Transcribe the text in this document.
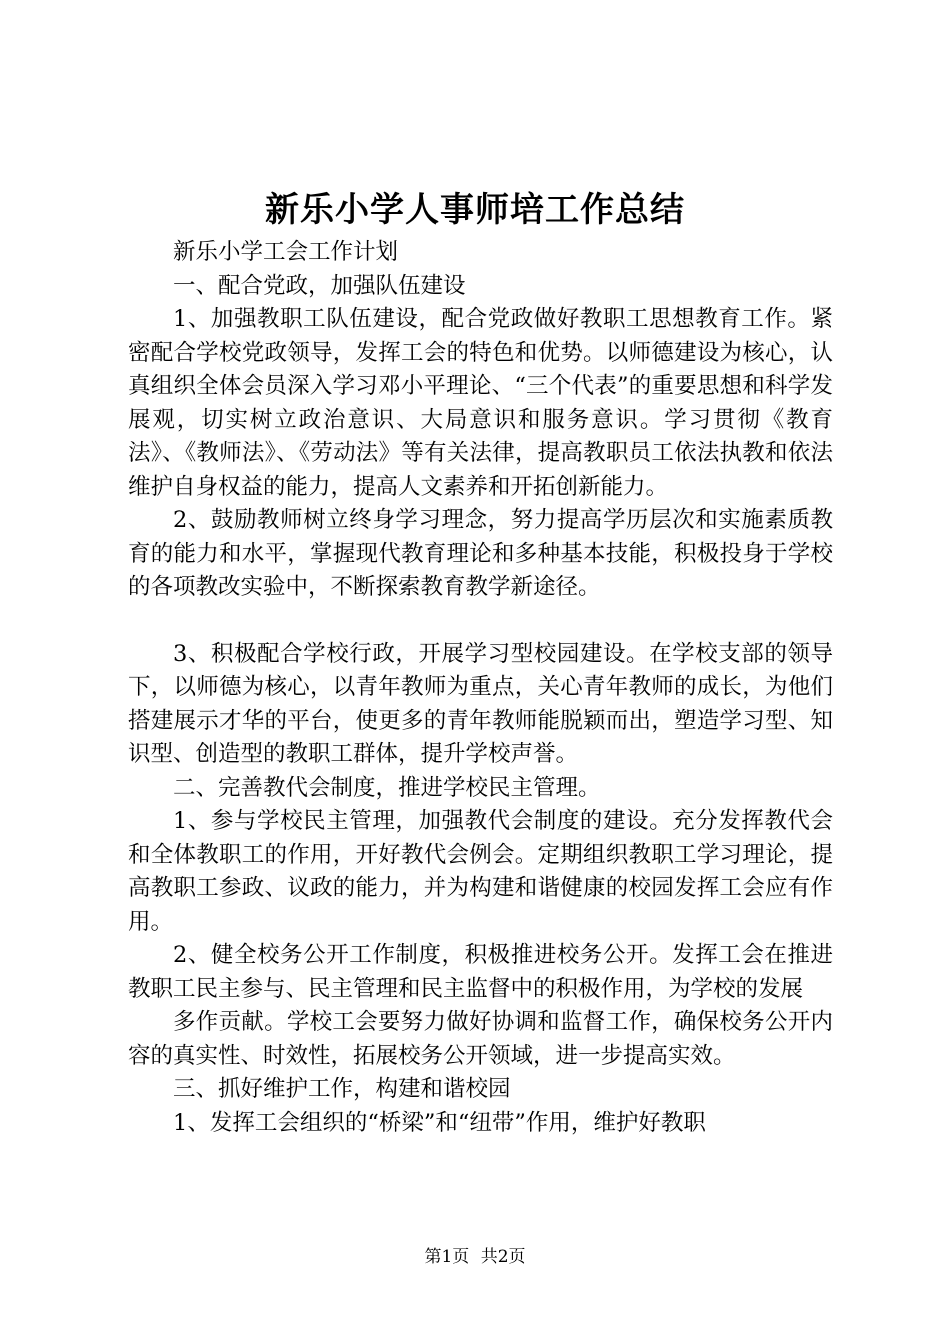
新乐小学人事师培工作总结

新乐小学工会工作计划

一、配合党政，加强队伍建设

1、加强教职工队伍建设，配合党政做好教职工思想教育工作。紧密配合学校党政领导，发挥工会的特色和优势。以师德建设为核心，认真组织全体会员深入学习邓小平理论、“三个代表”的重要思想和科学发展观，切实树立政治意识、大局意识和服务意识。学习贯彻《教育法》、《教师法》、《劳动法》等有关法律，提高教职员工依法执教和依法维护自身权益的能力，提高人文素养和开拓创新能力。

2、鼓励教师树立终身学习理念，努力提高学历层次和实施素质教育的能力和水平，掌握现代教育理论和多种基本技能，积极投身于学校的各项教改实验中，不断探索教育教学新途径。

3、积极配合学校行政，开展学习型校园建设。在学校支部的领导下，以师德为核心，以青年教师为重点，关心青年教师的成长，为他们搭建展示才华的平台，使更多的青年教师能脱颖而出，塑造学习型、知识型、创造型的教职工群体，提升学校声誉。

二、完善教代会制度，推进学校民主管理。

1、参与学校民主管理，加强教代会制度的建设。充分发挥教代会和全体教职工的作用，开好教代会例会。定期组织教职工学习理论，提高教职工参政、议政的能力，并为构建和谐健康的校园发挥工会应有作用。

2、健全校务公开工作制度，积极推进校务公开。发挥工会在推进教职工民主参与、民主管理和民主监督中的积极作用，为学校的发展

多作贡献。学校工会要努力做好协调和监督工作，确保校务公开内容的真实性、时效性，拓展校务公开领域，进一步提高实效。

三、抓好维护工作，构建和谐校园

1、发挥工会组织的“桥梁”和“纽带”作用，维护好教职

第1页 共2页
